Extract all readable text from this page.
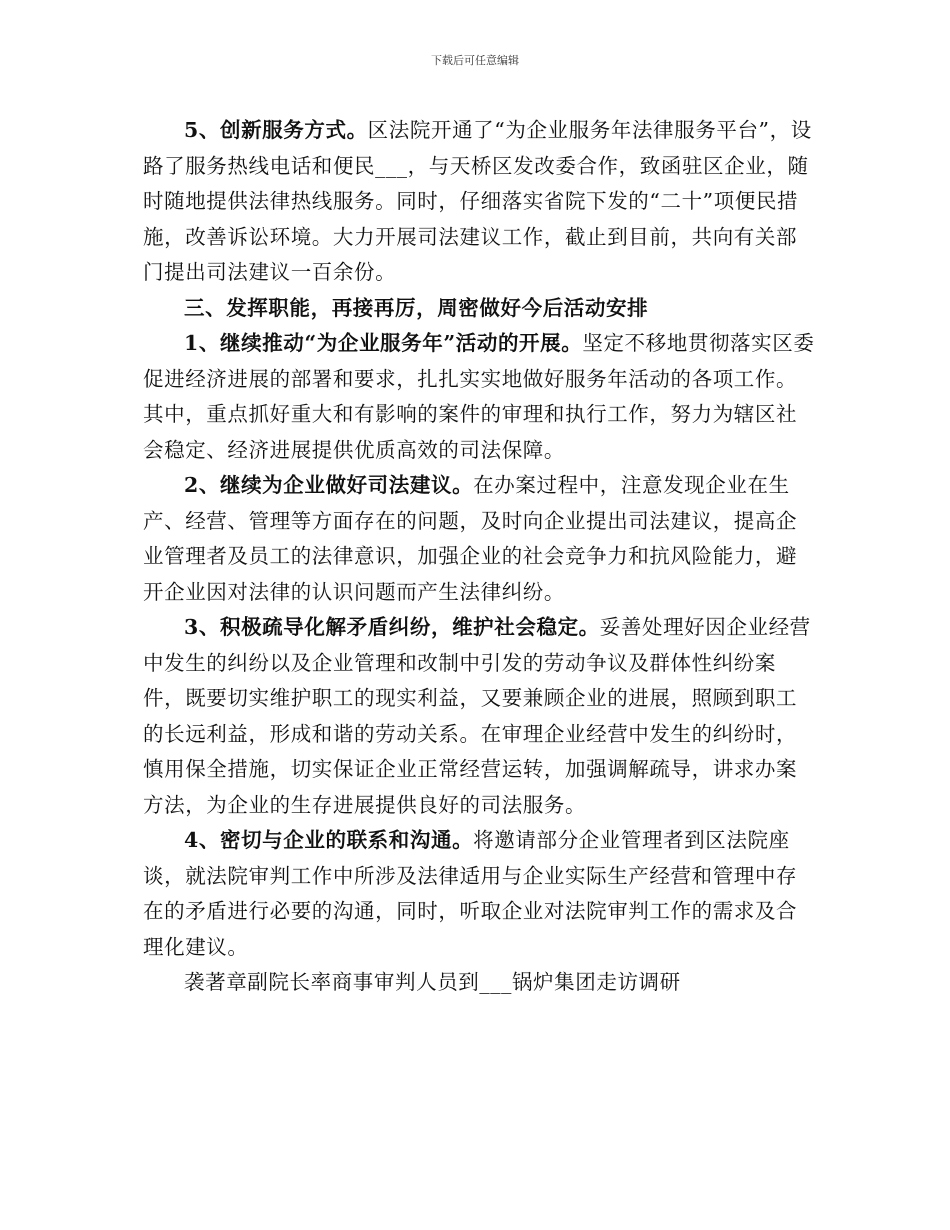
下载后可任意编辑

5、创新服务方式。区法院开通了“为企业服务年法律服务平台”，设路了服务热线电话和便民___，与天桥区发改委合作，致函驻区企业，随时随地提供法律热线服务。同时，仔细落实省院下发的“二十”项便民措施，改善诉讼环境。大力开展司法建议工作，截止到目前，共向有关部门提出司法建议一百余份。

三、发挥职能，再接再厉，周密做好今后活动安排

1、继续推动“为企业服务年”活动的开展。坚定不移地贯彻落实区委促进经济进展的部署和要求，扎扎实实地做好服务年活动的各项工作。其中，重点抓好重大和有影响的案件的审理和执行工作，努力为辖区社会稳定、经济进展提供优质高效的司法保障。

2、继续为企业做好司法建议。在办案过程中，注意发现企业在生产、经营、管理等方面存在的问题，及时向企业提出司法建议，提高企业管理者及员工的法律意识，加强企业的社会竞争力和抗风险能力，避开企业因对法律的认识问题而产生法律纠纷。

3、积极疏导化解矛盾纠纷，维护社会稳定。妥善处理好因企业经营中发生的纠纷以及企业管理和改制中引发的劳动争议及群体性纠纷案件，既要切实维护职工的现实利益，又要兼顾企业的进展，照顾到职工的长远利益，形成和谐的劳动关系。在审理企业经营中发生的纠纷时，慎用保全措施，切实保证企业正常经营运转，加强调解疏导，讲求办案方法，为企业的生存进展提供良好的司法服务。

4、密切与企业的联系和沟通。将邀请部分企业管理者到区法院座谈，就法院审判工作中所涉及法律适用与企业实际生产经营和管理中存在的矛盾进行必要的沟通，同时，听取企业对法院审判工作的需求及合理化建议。

袭著章副院长率商事审判人员到___锅炉集团走访调研
